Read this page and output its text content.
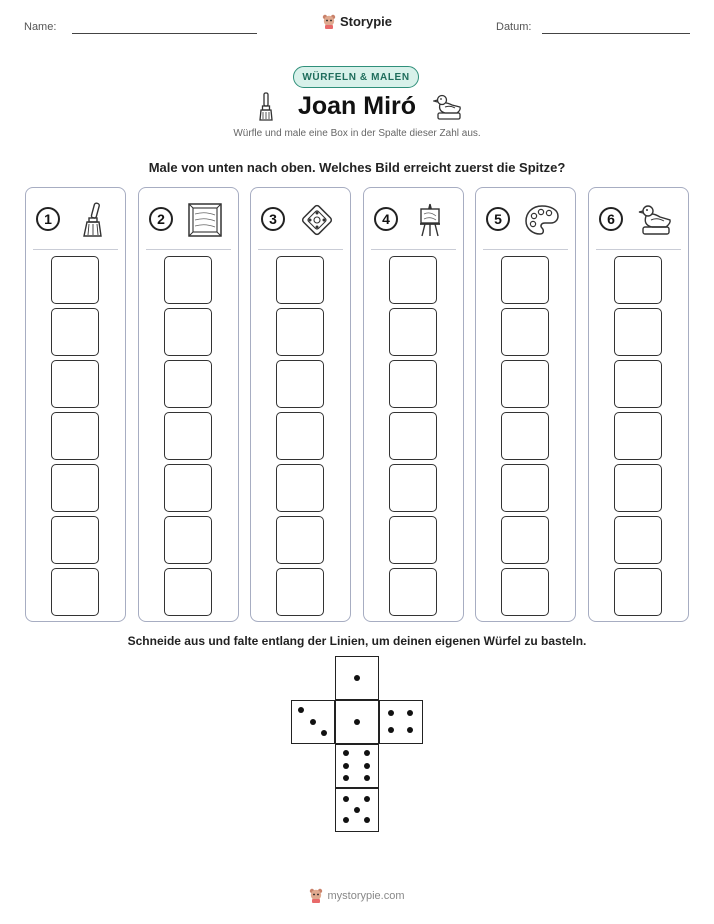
Name:	Datum:
Storypie
WÜRFELN & MALEN
Joan Miró
Würfle und male eine Box in der Spalte dieser Zahl aus.
Male von unten nach oben. Welches Bild erreicht zuerst die Spitze?
1	2	3	4	5	6
Schneide aus und falte entlang der Linien, um deinen eigenen Würfel zu basteln.
mystorypie.com
